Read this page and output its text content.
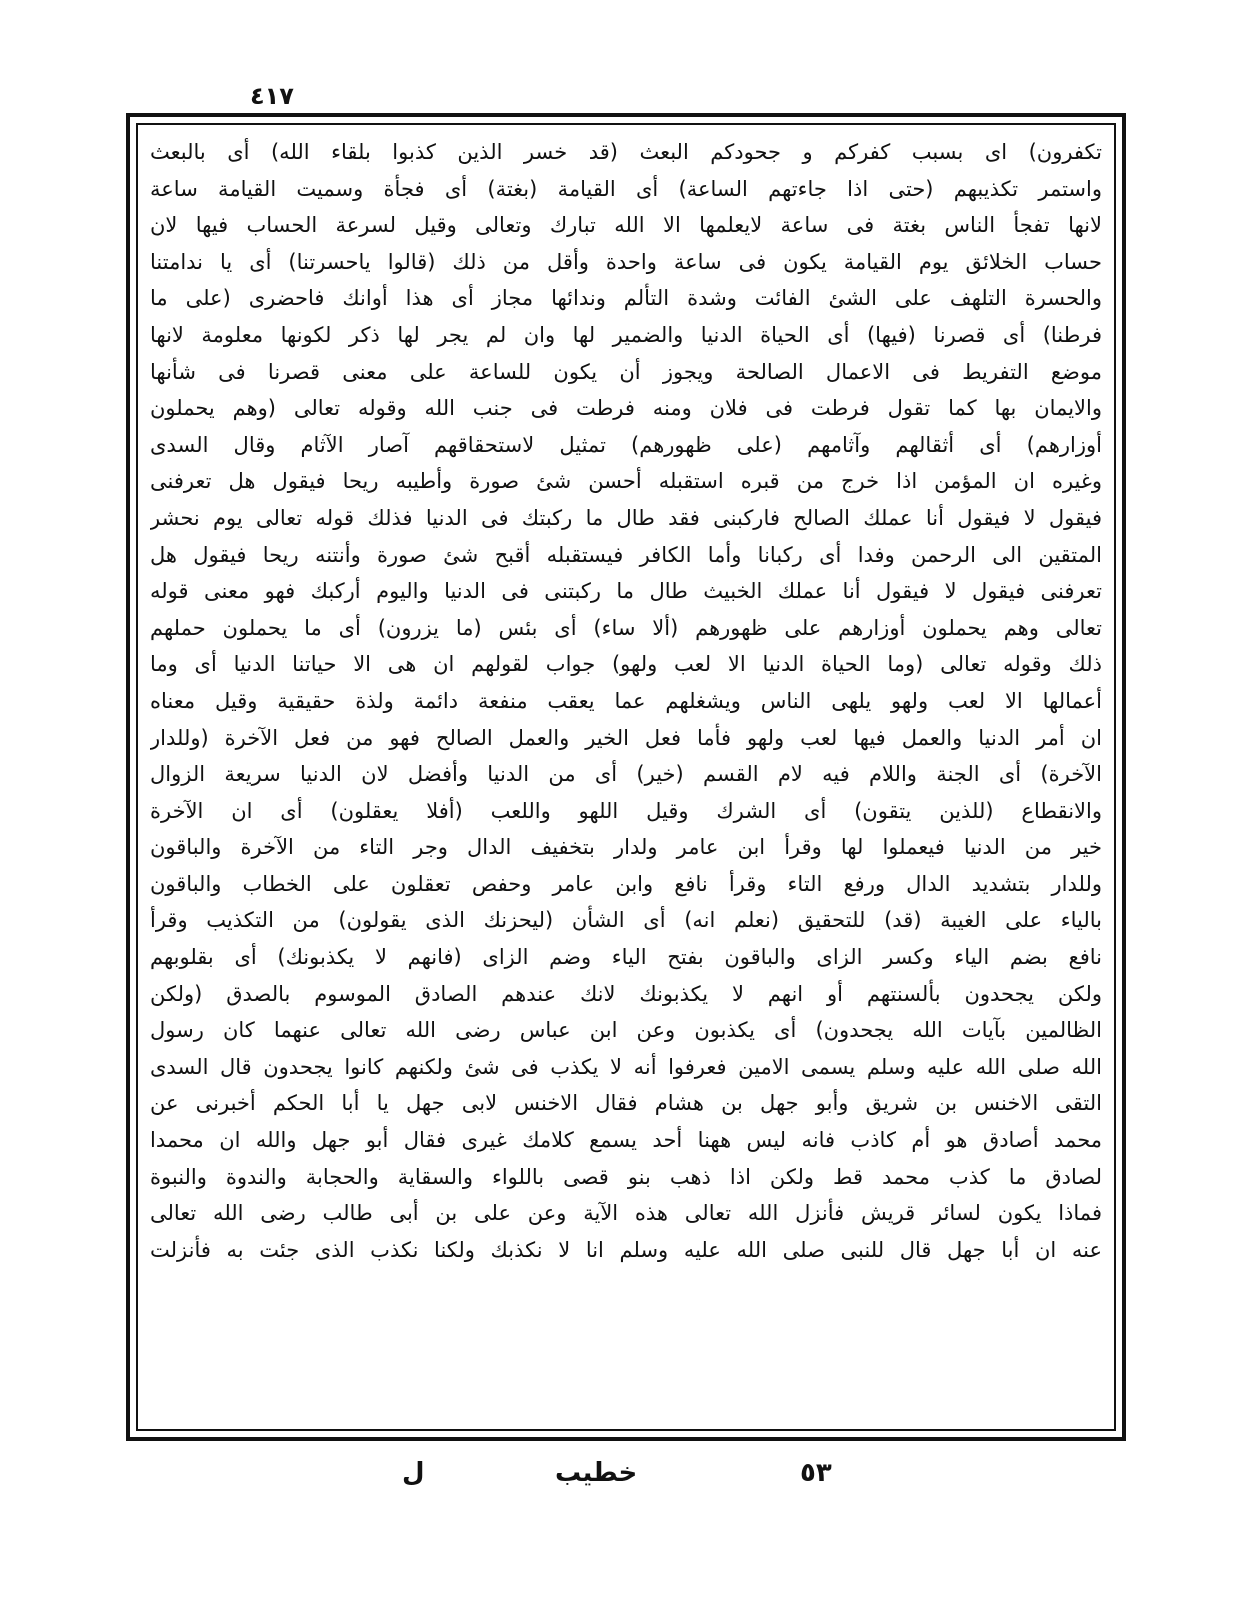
٤١٧
تكفرون) اى بسبب كفركم و جحودكم البعث (قد خسر الذين كذبوا بلقاء الله) أى بالبعث
واستمر تكذيبهم (حتى اذا جاءتهم الساعة) أى القيامة (بغتة) أى فجأة وسميت القيامة ساعة
لانها تفجأ الناس بغتة فى ساعة لايعلمها الا الله تبارك وتعالى وقيل لسرعة الحساب فيها لان
حساب الخلائق يوم القيامة يكون فى ساعة واحدة وأقل من ذلك (قالوا ياحسرتنا) أى يا ندامتنا
والحسرة التلهف على الشئ الفائت وشدة التألم وندائها مجاز أى هذا أوانك فاحضرى (على ما
فرطنا) أى قصرنا (فيها) أى الحياة الدنيا والضمير لها وان لم يجر لها ذكر لكونها معلومة لانها
موضع التفريط فى الاعمال الصالحة ويجوز أن يكون للساعة على معنى قصرنا فى شأنها
والايمان بها كما تقول فرطت فى فلان ومنه فرطت فى جنب الله وقوله تعالى (وهم يحملون
أوزارهم) أى أثقالهم وآثامهم (على ظهورهم) تمثيل لاستحقاقهم آصار الآثام وقال السدى
وغيره ان المؤمن اذا خرج من قبره استقبله أحسن شئ صورة وأطيبه ريحا فيقول هل تعرفنى
فيقول لا فيقول أنا عملك الصالح فاركبنى فقد طال ما ركبتك فى الدنيا فذلك قوله تعالى يوم نحشر
المتقين الى الرحمن وفدا أى ركبانا وأما الكافر فيستقبله أقبح شئ صورة وأنتنه ريحا فيقول هل
تعرفنى فيقول لا فيقول أنا عملك الخبيث طال ما ركبتنى فى الدنيا واليوم أركبك فهو معنى قوله
تعالى وهم يحملون أوزارهم على ظهورهم (ألا ساء) أى بئس (ما يزرون) أى ما يحملون حملهم
ذلك وقوله تعالى (وما الحياة الدنيا الا لعب ولهو) جواب لقولهم ان هى الا حياتنا الدنيا أى وما
أعمالها الا لعب ولهو يلهى الناس ويشغلهم عما يعقب منفعة دائمة ولذة حقيقية وقيل معناه
ان أمر الدنيا والعمل فيها لعب ولهو فأما فعل الخير والعمل الصالح فهو من فعل الآخرة (وللدار
الآخرة) أى الجنة واللام فيه لام القسم (خير) أى من الدنيا وأفضل لان الدنيا سريعة الزوال
والانقطاع (للذين يتقون) أى الشرك وقيل اللهو واللعب (أفلا يعقلون) أى ان الآخرة
خير من الدنيا فيعملوا لها وقرأ ابن عامر ولدار بتخفيف الدال وجر التاء من الآخرة والباقون
وللدار بتشديد الدال ورفع التاء وقرأ نافع وابن عامر وحفص تعقلون على الخطاب والباقون
بالياء على الغيبة (قد) للتحقيق (نعلم انه) أى الشأن (ليحزنك الذى يقولون) من التكذيب وقرأ
نافع بضم الياء وكسر الزاى والباقون بفتح الياء وضم الزاى (فانهم لا يكذبونك) أى بقلوبهم
ولكن يجحدون بألسنتهم أو انهم لا يكذبونك لانك عندهم الصادق الموسوم بالصدق (ولكن
الظالمين بآيات الله يجحدون) أى يكذبون وعن ابن عباس رضى الله تعالى عنهما كان رسول
الله صلى الله عليه وسلم يسمى الامين فعرفوا أنه لا يكذب فى شئ ولكنهم كانوا يجحدون قال السدى
التقى الاخنس بن شريق وأبو جهل بن هشام فقال الاخنس لابى جهل يا أبا الحكم أخبرنى عن
محمد أصادق هو أم كاذب فانه ليس ههنا أحد يسمع كلامك غيرى فقال أبو جهل والله ان محمدا
لصادق ما كذب محمد قط ولكن اذا ذهب بنو قصى باللواء والسقاية والحجابة والندوة والنبوة
فماذا يكون لسائر قريش فأنزل الله تعالى هذه الآية وعن على بن أبى طالب رضى الله تعالى
عنه ان أبا جهل قال للنبى صلى الله عليه وسلم انا لا نكذبك ولكنا نكذب الذى جئت به فأنزلت
٥٣
خطيب
ل
